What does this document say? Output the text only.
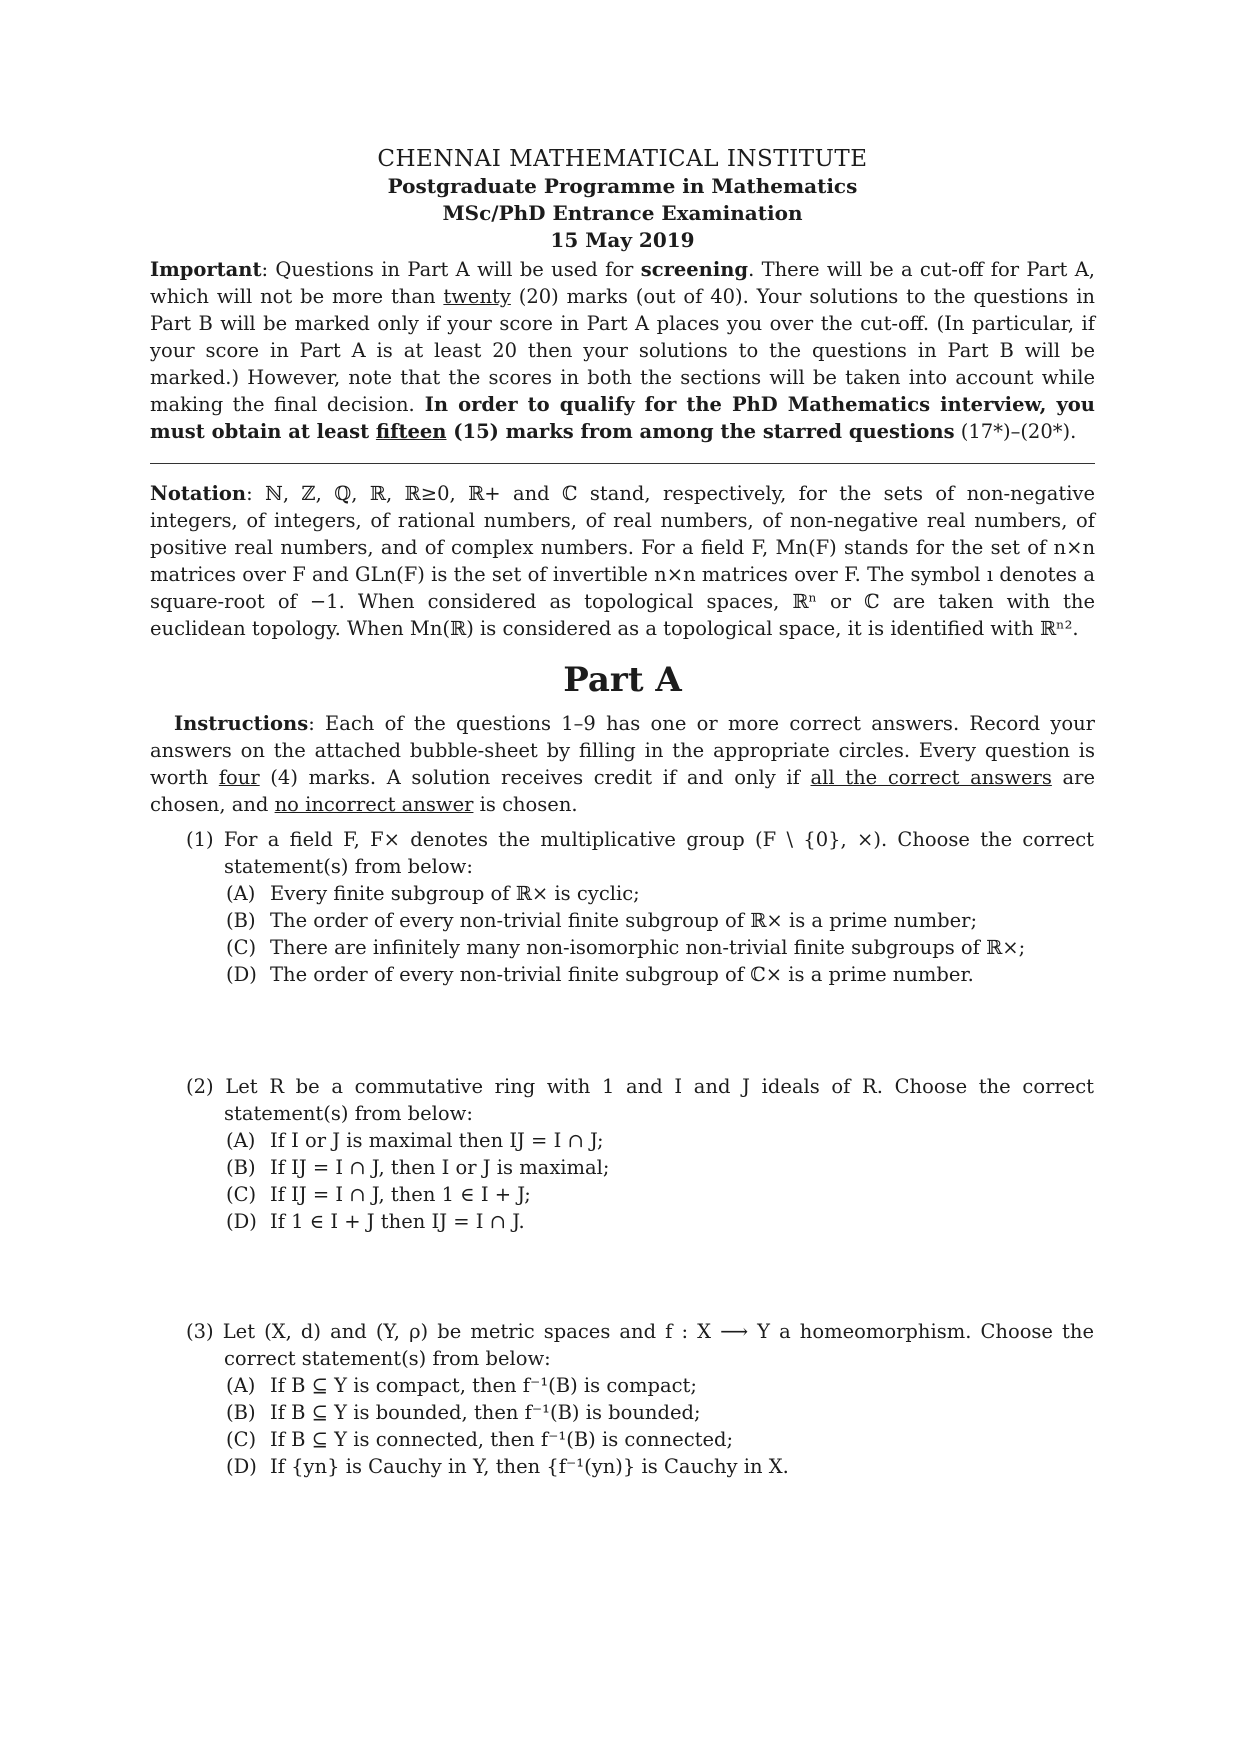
CHENNAI MATHEMATICAL INSTITUTE
Postgraduate Programme in Mathematics
MSc/PhD Entrance Examination
15 May 2019
Important: Questions in Part A will be used for screening. There will be a cut-off for Part A, which will not be more than twenty (20) marks (out of 40). Your solutions to the questions in Part B will be marked only if your score in Part A places you over the cut-off. (In particular, if your score in Part A is at least 20 then your solutions to the questions in Part B will be marked.) However, note that the scores in both the sections will be taken into account while making the final decision. In order to qualify for the PhD Mathematics interview, you must obtain at least fifteen (15) marks from among the starred questions (17*)–(20*).
Notation: ℕ, ℤ, ℚ, ℝ, ℝ≥0, ℝ+ and ℂ stand, respectively, for the sets of non-negative integers, of integers, of rational numbers, of real numbers, of non-negative real numbers, of positive real numbers, and of complex numbers. For a field F, Mn(F) stands for the set of n×n matrices over F and GLn(F) is the set of invertible n×n matrices over F. The symbol ı denotes a square-root of −1. When considered as topological spaces, ℝⁿ or ℂ are taken with the euclidean topology. When Mn(ℝ) is considered as a topological space, it is identified with ℝⁿ².
Part A
Instructions: Each of the questions 1–9 has one or more correct answers. Record your answers on the attached bubble-sheet by filling in the appropriate circles. Every question is worth four (4) marks. A solution receives credit if and only if all the correct answers are chosen, and no incorrect answer is chosen.
(1) For a field F, F× denotes the multiplicative group (F \ {0}, ×). Choose the correct statement(s) from below:
(A) Every finite subgroup of ℝ× is cyclic;
(B) The order of every non-trivial finite subgroup of ℝ× is a prime number;
(C) There are infinitely many non-isomorphic non-trivial finite subgroups of ℝ×;
(D) The order of every non-trivial finite subgroup of ℂ× is a prime number.
(2) Let R be a commutative ring with 1 and I and J ideals of R. Choose the correct statement(s) from below:
(A) If I or J is maximal then IJ = I ∩ J;
(B) If IJ = I ∩ J, then I or J is maximal;
(C) If IJ = I ∩ J, then 1 ∈ I + J;
(D) If 1 ∈ I + J then IJ = I ∩ J.
(3) Let (X, d) and (Y, ρ) be metric spaces and f : X ⟶ Y a homeomorphism. Choose the correct statement(s) from below:
(A) If B ⊆ Y is compact, then f⁻¹(B) is compact;
(B) If B ⊆ Y is bounded, then f⁻¹(B) is bounded;
(C) If B ⊆ Y is connected, then f⁻¹(B) is connected;
(D) If {yn} is Cauchy in Y, then {f⁻¹(yn)} is Cauchy in X.
